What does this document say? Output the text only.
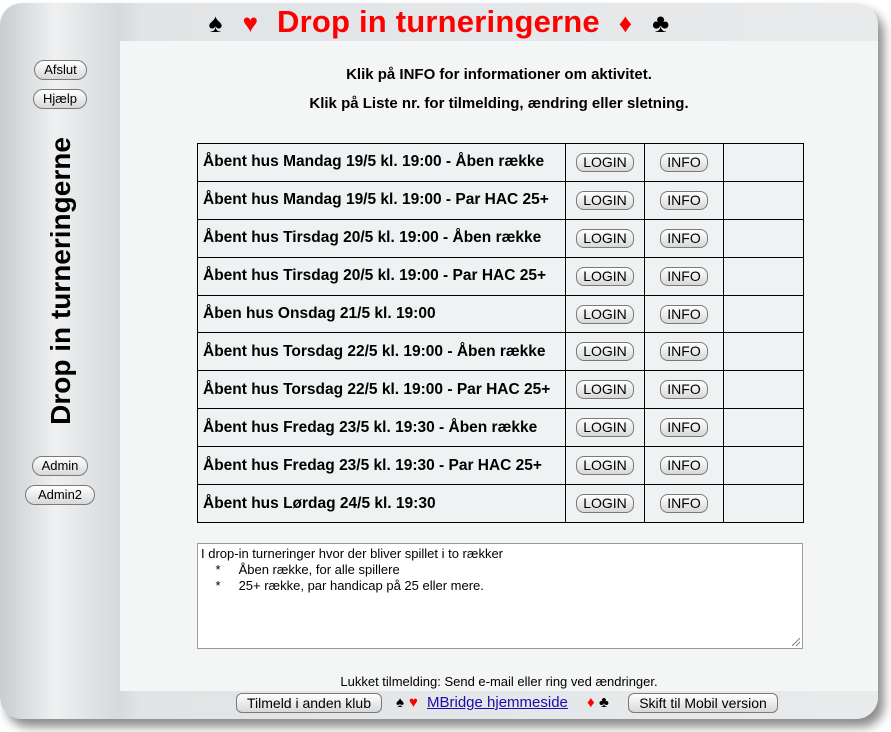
♠ ♥ Drop in turneringerne ♦ ♣
Afslut
Hjælp
Drop in turneringerne
Admin
Admin2
Klik på INFO for informationer om aktivitet.
Klik på Liste nr. for tilmelding, ændring eller sletning.
Åbent hus Mandag 19/5 kl. 19:00 - Åben række	LOGIN	INFO	
Åbent hus Mandag 19/5 kl. 19:00 - Par HAC 25+	LOGIN	INFO	
Åbent hus Tirsdag 20/5 kl. 19:00 - Åben række	LOGIN	INFO	
Åbent hus Tirsdag 20/5 kl. 19:00 - Par HAC 25+	LOGIN	INFO	
Åben hus Onsdag 21/5 kl. 19:00	LOGIN	INFO	
Åbent hus Torsdag 22/5 kl. 19:00 - Åben række	LOGIN	INFO	
Åbent hus Torsdag 22/5 kl. 19:00 - Par HAC 25+	LOGIN	INFO	
Åbent hus Fredag 23/5 kl. 19:30 - Åben række	LOGIN	INFO	
Åbent hus Fredag 23/5 kl. 19:30 - Par HAC 25+	LOGIN	INFO	
Åbent hus Lørdag 24/5 kl. 19:30	LOGIN	INFO	
I drop-in turneringer hvor der bliver spillet i to rækker
*     Åben række, for alle spillere
*     25+ række, par handicap på 25 eller mere.
Lukket tilmelding: Send e-mail eller ring ved ændringer.
Tilmeld i anden klub	♠ ♥ MBridge hjemmeside ♦ ♣	Skift til Mobil version
